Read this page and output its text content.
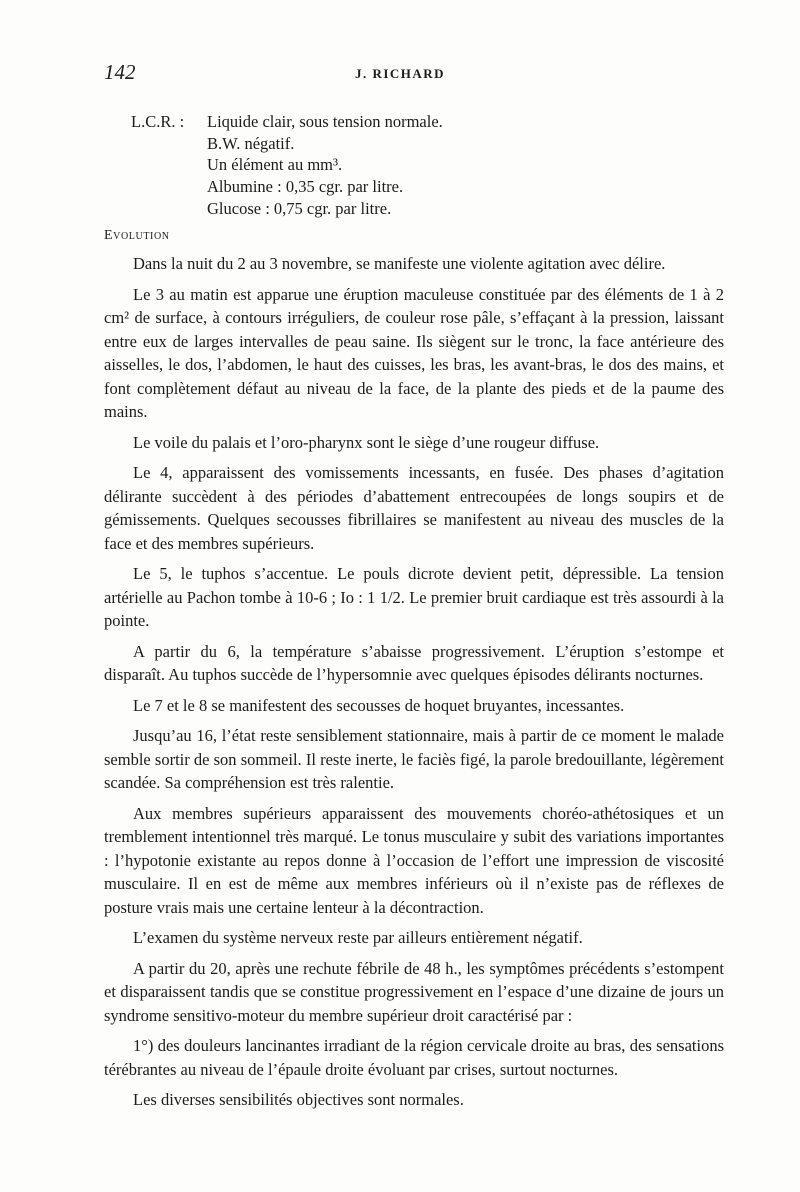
142	J. RICHARD
L.C.R. : Liquide clair, sous tension normale.
B.W. négatif.
Un élément au mm³.
Albumine : 0,35 cgr. par litre.
Glucose : 0,75 cgr. par litre.
Evolution

Dans la nuit du 2 au 3 novembre, se manifeste une violente agitation avec délire.

Le 3 au matin est apparue une éruption maculeuse constituée par des éléments de 1 à 2 cm² de surface, à contours irréguliers, de couleur rose pâle, s’effaçant à la pression, laissant entre eux de larges intervalles de peau saine. Ils siègent sur le tronc, la face antérieure des aisselles, le dos, l’abdomen, le haut des cuisses, les bras, les avant-bras, le dos des mains, et font complètement défaut au niveau de la face, de la plante des pieds et de la paume des mains.

Le voile du palais et l’oro-pharynx sont le siège d’une rougeur diffuse.

Le 4, apparaissent des vomissements incessants, en fusée. Des phases d’agitation délirante succèdent à des périodes d’abattement entrecoupées de longs soupirs et de gémissements. Quelques secousses fibrillaires se manifestent au niveau des muscles de la face et des membres supérieurs.

Le 5, le tuphos s’accentue. Le pouls dicrote devient petit, dépressible. La tension artérielle au Pachon tombe à 10-6 ; Io : 1 1/2. Le premier bruit cardiaque est très assourdi à la pointe.

A partir du 6, la température s’abaisse progressivement. L’éruption s’estompe et disparaît. Au tuphos succède de l’hypersomnie avec quelques épisodes délirants nocturnes.

Le 7 et le 8 se manifestent des secousses de hoquet bruyantes, incessantes.

Jusqu’au 16, l’état reste sensiblement stationnaire, mais à partir de ce moment le malade semble sortir de son sommeil. Il reste inerte, le faciès figé, la parole bredouillante, légèrement scandée. Sa compréhension est très ralentie.

Aux membres supérieurs apparaissent des mouvements choréo-athétosiques et un tremblement intentionnel très marqué. Le tonus musculaire y subit des variations importantes : l’hypotonie existante au repos donne à l’occasion de l’effort une impression de viscosité musculaire. Il en est de même aux membres inférieurs où il n’existe pas de réflexes de posture vrais mais une certaine lenteur à la décontraction.

L’examen du système nerveux reste par ailleurs entièrement négatif.

A partir du 20, après une rechute fébrile de 48 h., les symptômes précédents s’estompent et disparaissent tandis que se constitue progressivement en l’espace d’une dizaine de jours un syndrome sensitivo-moteur du membre supérieur droit caractérisé par :

1°) des douleurs lancinantes irradiant de la région cervicale droite au bras, des sensations térébrantes au niveau de l’épaule droite évoluant par crises, surtout nocturnes.

Les diverses sensibilités objectives sont normales.
